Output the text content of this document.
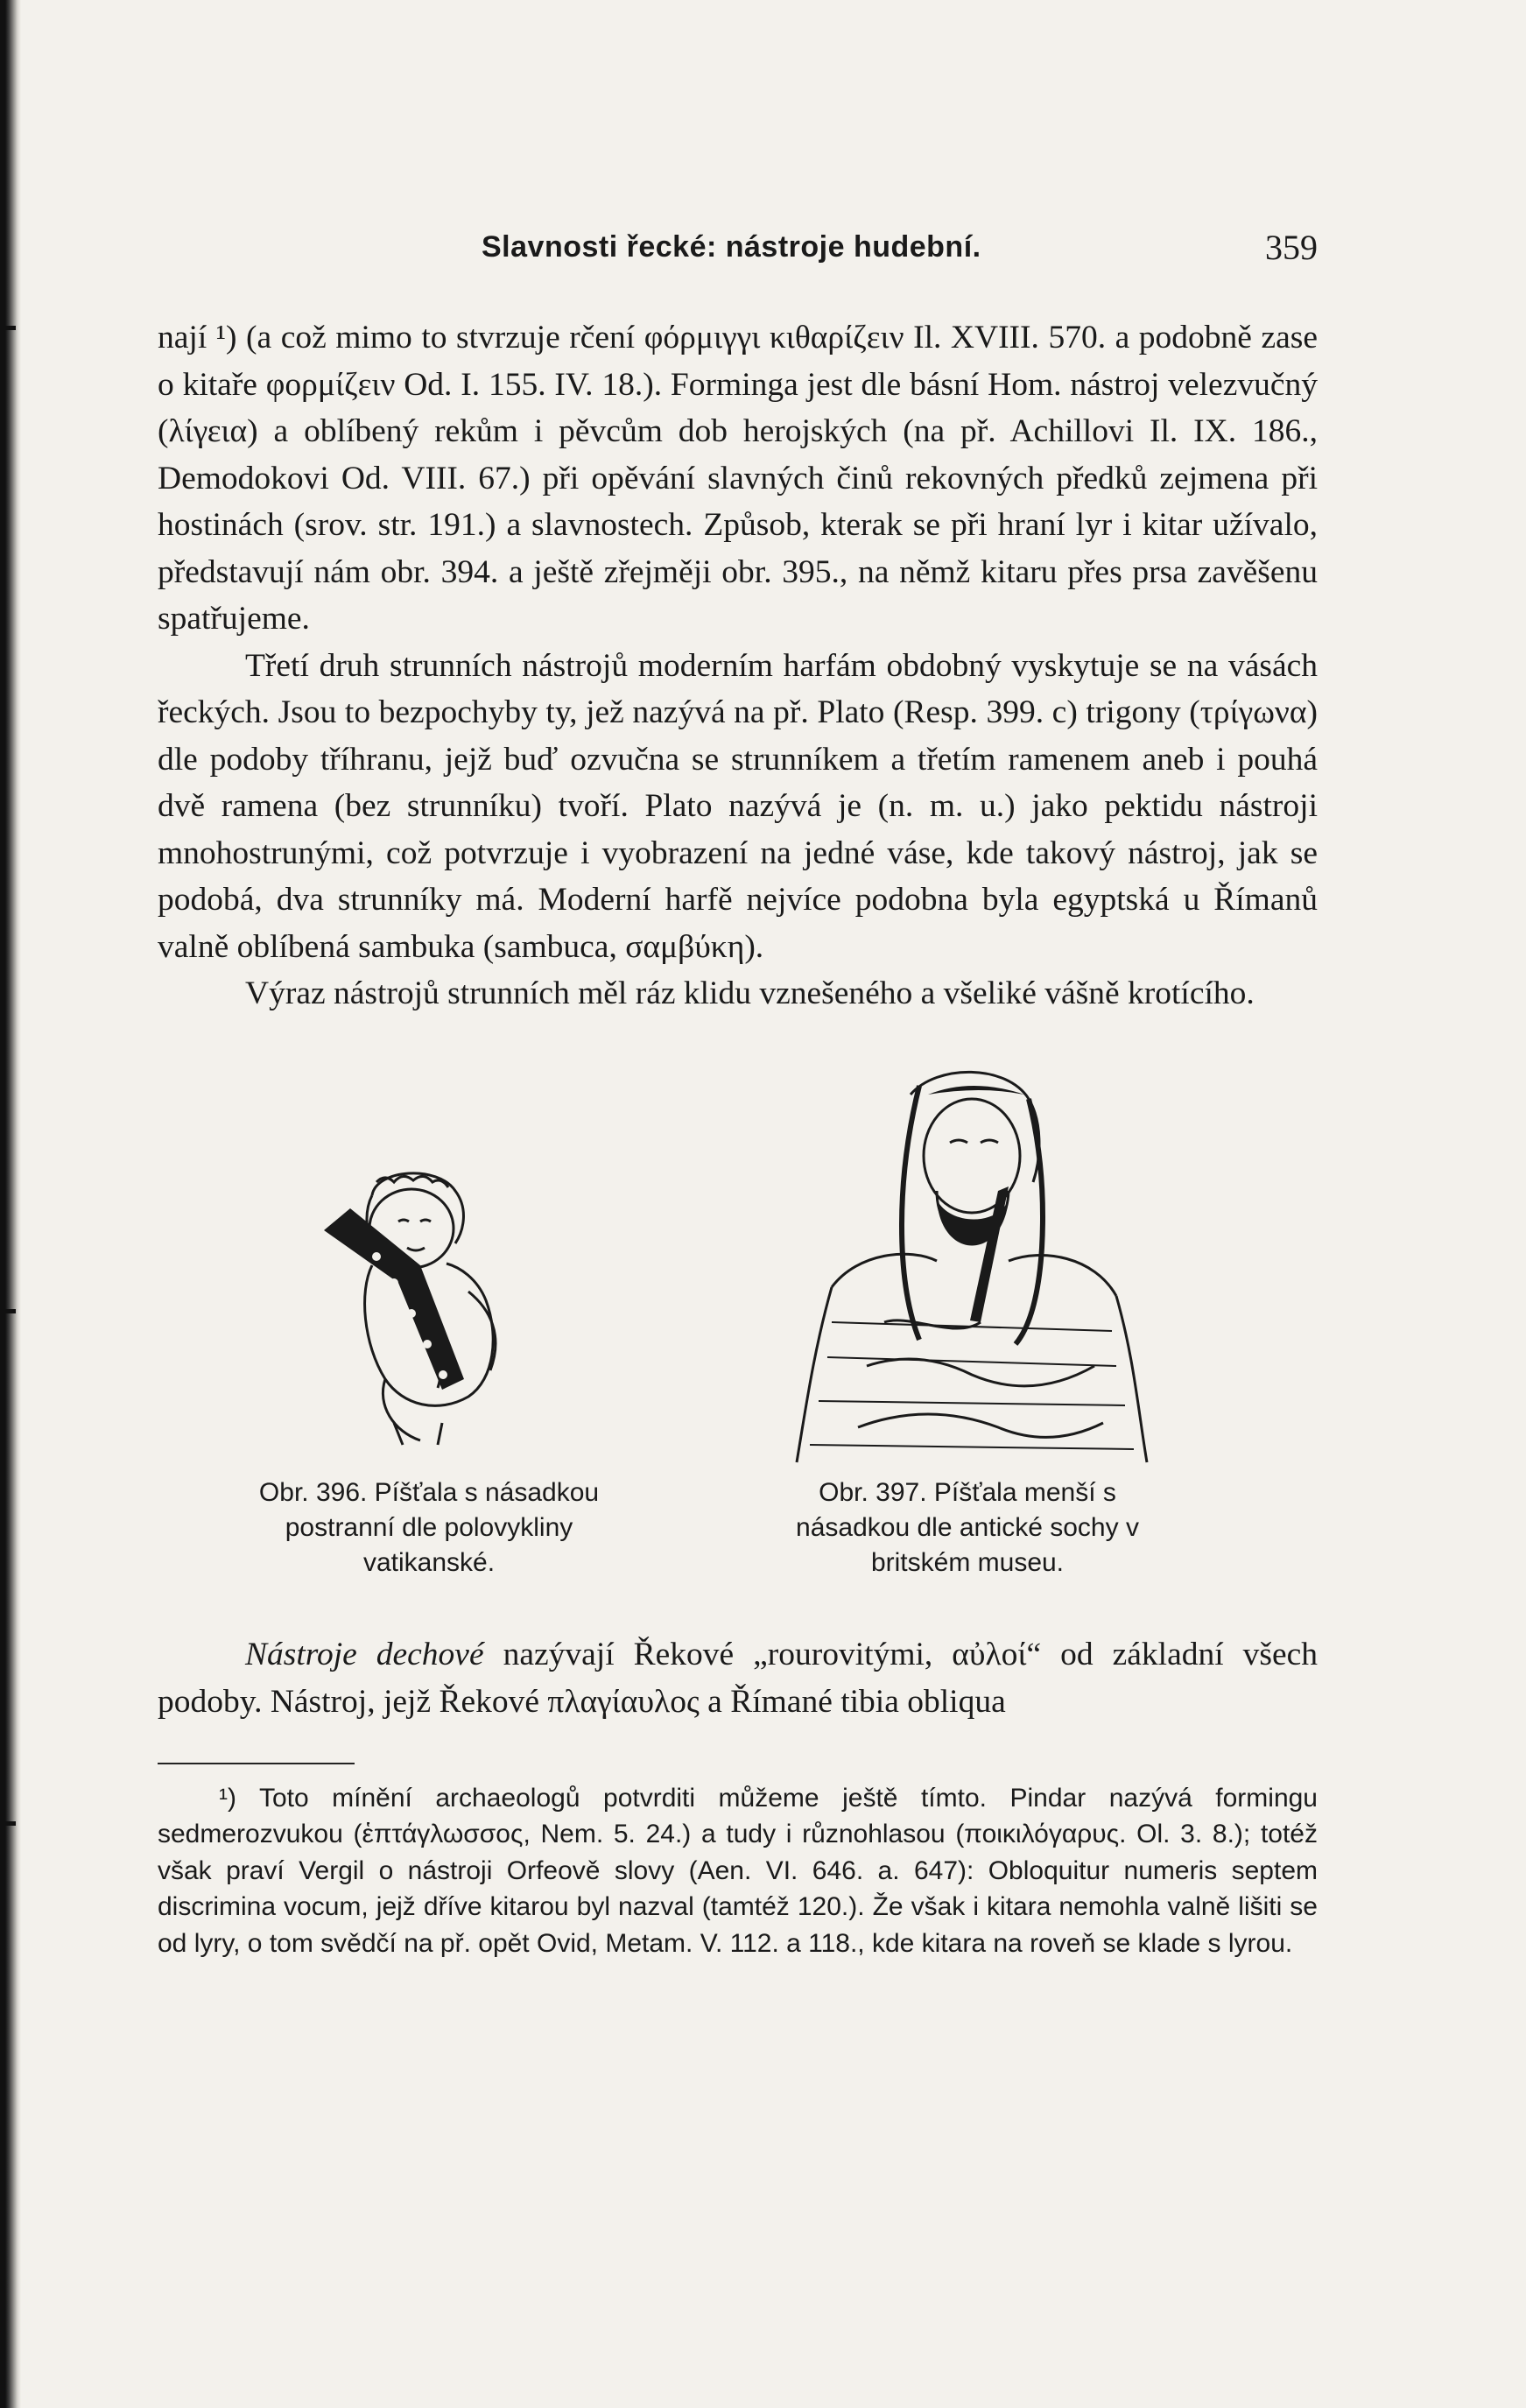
Slavnosti řecké: nástroje hudební.	359

nají ¹) (a což mimo to stvrzuje rčení φόρμιγγι κιθαρίζειν Il. XVIII. 570. a podobně zase o kitaře φορμίζειν Od. I. 155. IV. 18.). Forminga jest dle básní Hom. nástroj velezvučný (λίγεια) a oblíbený rekům i pěvcům dob herojských (na př. Achillovi Il. IX. 186., Demodokovi Od. VIII. 67.) při opěvání slavných činů rekovných předků zejmena při hostinách (srov. str. 191.) a slavnostech. Způsob, kterak se při hraní lyr i kitar užívalo, představují nám obr. 394. a ještě zřejměji obr. 395., na němž kitaru přes prsa zavěšenu spatřujeme.

Třetí druh strunních nástrojů moderním harfám obdobný vyskytuje se na vásách řeckých. Jsou to bezpochyby ty, jež nazývá na př. Plato (Resp. 399. c) trigony (τρίγωνα) dle podoby tříhranu, jejž buď ozvučna se strunníkem a třetím ramenem aneb i pouhá dvě ramena (bez strunníku) tvoří. Plato nazývá je (n. m. u.) jako pektidu nástroji mnohostrunými, což potvrzuje i vyobrazení na jedné váse, kde takový nástroj, jak se podobá, dva strunníky má. Moderní harfě nejvíce podobna byla egyptská u Římanů valně oblíbená sambuka (sambuca, σαμβύκη).

Výraz nástrojů strunních měl ráz klidu vznešeného a všeliké vášně krotícího.

Obr. 396. Píšťala s násadkou postranní dle polovykliny vatikanské.
Obr. 397. Píšťala menší s násadkou dle antické sochy v britském museu.

Nástroje dechové nazývají Řekové „rourovitými, αὐλοί“ od základní všech podoby. Nástroj, jejž Řekové πλαγίαυλος a Římané tibia obliqua

¹) Toto mínění archaeologů potvrditi můžeme ještě tímto. Pindar nazývá formingu sedmerozvukou (ἑπτάγλωσσος, Nem. 5. 24.) a tudy i různohlasou (ποικιλόγαρυς. Ol. 3. 8.); totéž však praví Vergil o nástroji Orfeově slovy (Aen. VI. 646. a. 647): Obloquitur numeris septem discrimina vocum, jejž dříve kitarou byl nazval (tamtéž 120.). Že však i kitara nemohla valně lišiti se od lyry, o tom svědčí na př. opět Ovid, Metam. V. 112. a 118., kde kitara na roveň se klade s lyrou.
